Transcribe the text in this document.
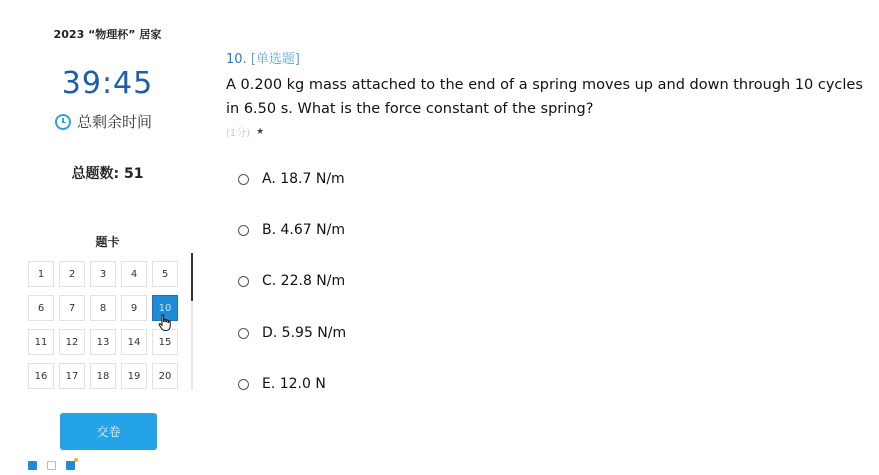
2023 “物理杯” 居家
39:45
总剩余时间
总题数: 51
题卡
1	2	3	4	5
6	7	8	9	10
11	12	13	14	15
16	17	18	19	20
交卷
10. [单选题]
A 0.200 kg mass attached to the end of a spring moves up and down through 10 cycles in 6.50 s. What is the force constant of the spring?
(1分) ★
A. 18.7 N/m
B. 4.67 N/m
C. 22.8 N/m
D. 5.95 N/m
E. 12.0 N
